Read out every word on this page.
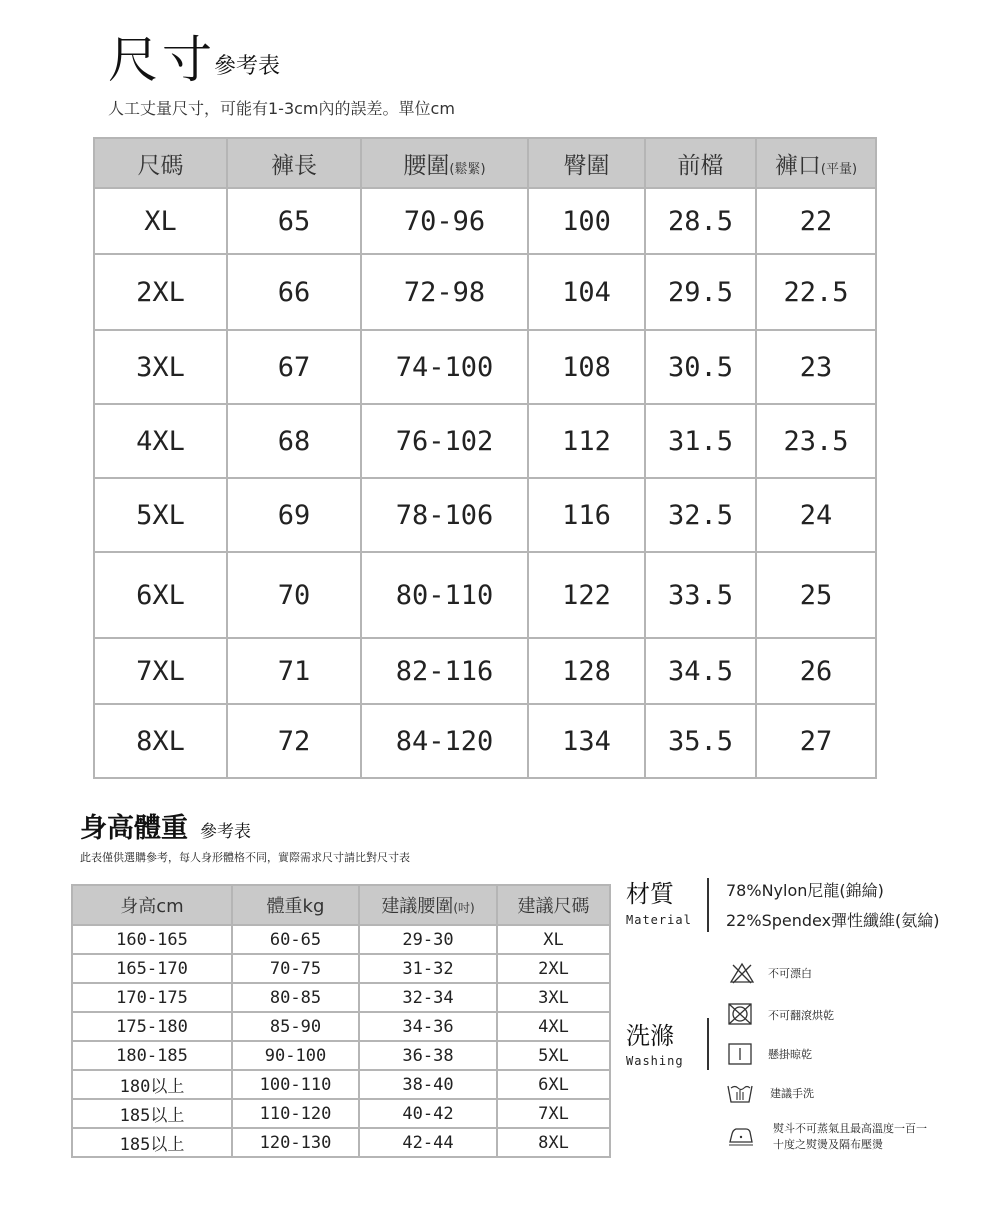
尺寸
參考表
人工丈量尺寸，可能有1-3cm內的誤差。單位cm
尺碼	褲長	腰圍(鬆緊)	臀圍	前檔	褲口(平量)
XL	65	70-96	100	28.5	22
2XL	66	72-98	104	29.5	22.5
3XL	67	74-100	108	30.5	23
4XL	68	76-102	112	31.5	23.5
5XL	69	78-106	116	32.5	24
6XL	70	80-110	122	33.5	25
7XL	71	82-116	128	34.5	26
8XL	72	84-120	134	35.5	27
身高體重 參考表
此表僅供選購參考，每人身形體格不同，實際需求尺寸請比對尺寸表
身高cm	體重kg	建議腰圍(吋)	建議尺碼
160-165	60-65	29-30	XL
165-170	70-75	31-32	2XL
170-175	80-85	32-34	3XL
175-180	85-90	34-36	4XL
180-185	90-100	36-38	5XL
180以上	100-110	38-40	6XL
185以上	110-120	40-42	7XL
185以上	120-130	42-44	8XL
材質
Material
78%Nylon尼龍(錦綸)
22%Spendex彈性纖維(氨綸)
洗滌
Washing
不可漂白
不可翻滾烘乾
懸掛晾乾
建議手洗
熨斗不可蒸氣且最高溫度一百一
十度之熨燙及隔布壓燙
